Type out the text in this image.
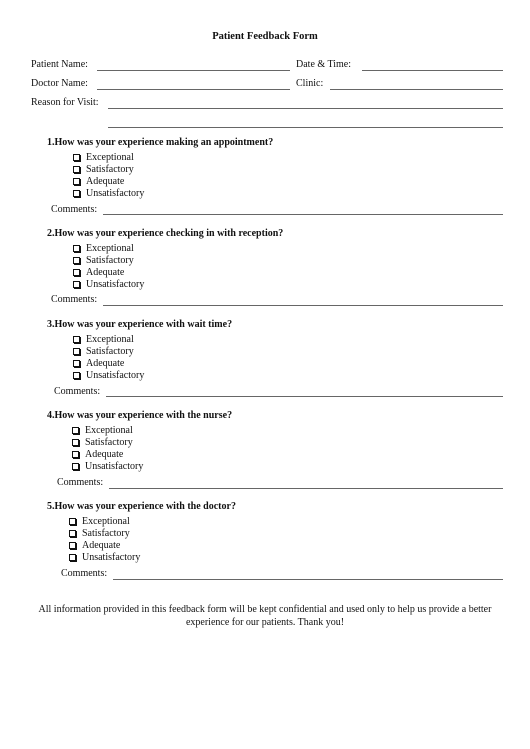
Patient Feedback Form
Patient Name:	Date & Time:
Doctor Name:	Clinic:
Reason for Visit:
1.How was your experience making an appointment?
Exceptional
Satisfactory
Adequate
Unsatisfactory
Comments:
2.How was your experience checking in with reception?
Exceptional
Satisfactory
Adequate
Unsatisfactory
Comments:
3.How was your experience with wait time?
Exceptional
Satisfactory
Adequate
Unsatisfactory
Comments:
4.How was your experience with the nurse?
Exceptional
Satisfactory
Adequate
Unsatisfactory
Comments:
5.How was your experience with the doctor?
Exceptional
Satisfactory
Adequate
Unsatisfactory
Comments:
All information provided in this feedback form will be kept confidential and used only to help us provide a better experience for our patients. Thank you!
